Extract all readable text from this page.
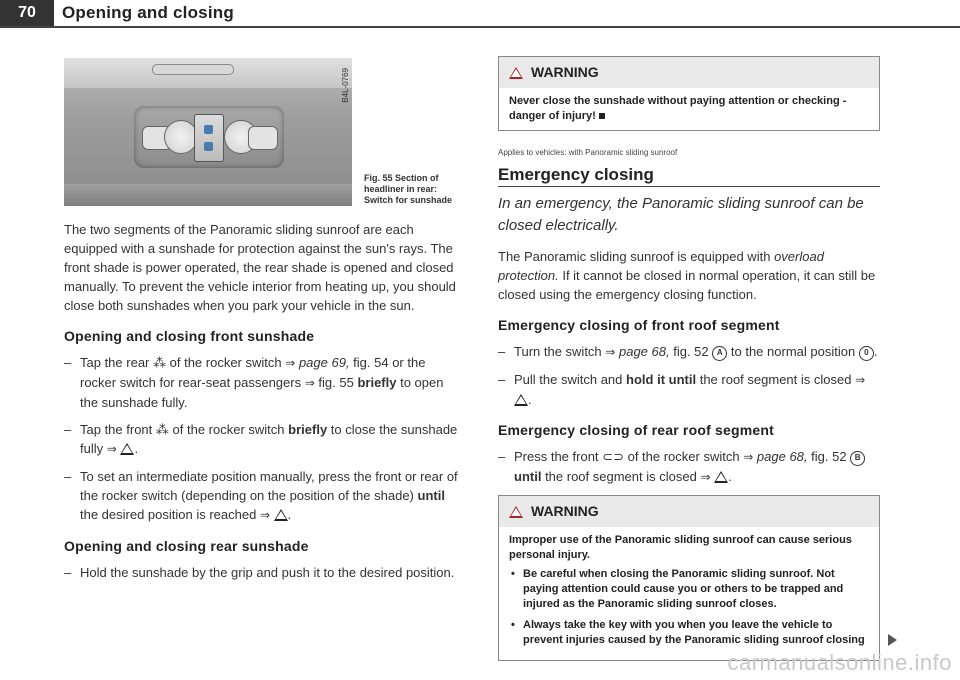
70	Opening and closing
B4L-0769
Fig. 55 Section of headliner in rear:
Switch for sunshade

The two segments of the Panoramic sliding sunroof are each equipped with a sunshade for protection against the sun's rays. The front shade is power operated, the rear shade is opened and closed manually. To prevent the vehicle interior from heating up, you should close both sunshades when you park your vehicle in the sun.

Opening and closing front sunshade
– Tap the rear ⁂ of the rocker switch ⇒ page 69, fig. 54 or the rocker switch for rear-seat passengers ⇒ fig. 55 briefly to open the sunshade fully.
– Tap the front ⁂ of the rocker switch briefly to close the sunshade fully ⇒ .
– To set an intermediate position manually, press the front or rear of the rocker switch (depending on the position of the shade) until the desired position is reached ⇒ .
Opening and closing rear sunshade
– Hold the sunshade by the grip and push it to the desired position.
WARNING
Never close the sunshade without paying attention or checking - danger of injury!
Applies to vehicles: with Panoramic sliding sunroof
Emergency closing
In an emergency, the Panoramic sliding sunroof can be closed electrically.

The Panoramic sliding sunroof is equipped with overload protection. If it cannot be closed in normal operation, it can still be closed using the emergency closing function.

Emergency closing of front roof segment
– Turn the switch ⇒ page 68, fig. 52 A to the normal position 0 .
– Pull the switch and hold it until the roof segment is closed ⇒ .
Emergency closing of rear roof segment
– Press the front ⊂⊃ of the rocker switch ⇒ page 68, fig. 52 B until the roof segment is closed ⇒ .
WARNING
Improper use of the Panoramic sliding sunroof can cause serious personal injury.
• Be careful when closing the Panoramic sliding sunroof. Not paying attention could cause you or others to be trapped and injured as the Panoramic sliding sunroof closes.
• Always take the key with you when you leave the vehicle to prevent injuries caused by the Panoramic sliding sunroof closing
carmanualsonline.info
